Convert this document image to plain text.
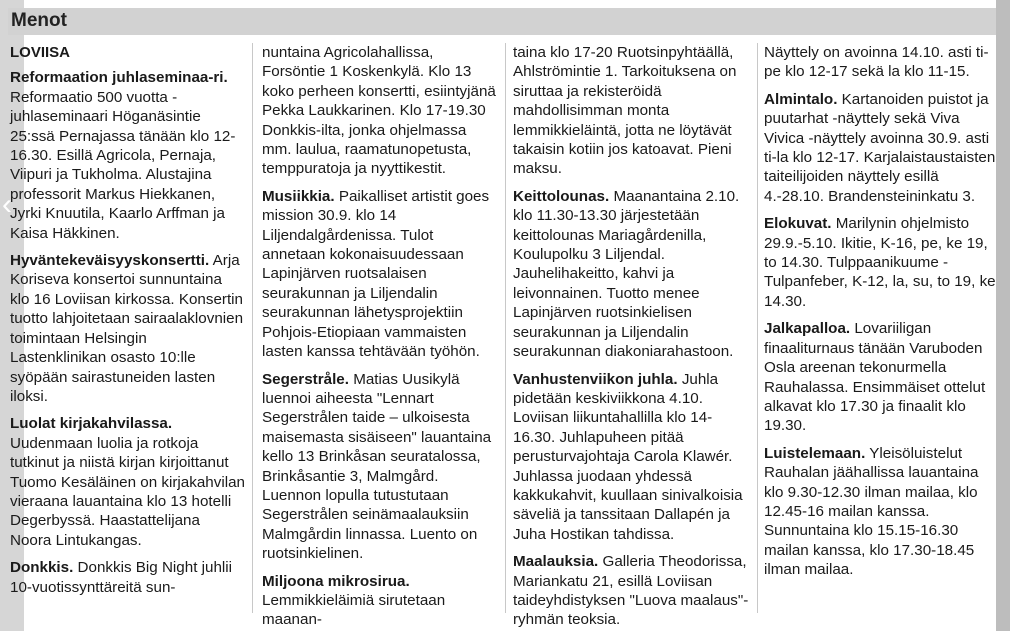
‹
Menot

LOVIISA

Reformaation juhlaseminaa-ri. Reformaatio 500 vuotta -juhlaseminaari Höganäsintie 25:ssä Pernajassa tänään klo 12-16.30. Esillä Agricola, Pernaja, Viipuri ja Tukholma. Alustajina professorit Markus Hiekkanen, Jyrki Knuutila, Kaarlo Arffman ja Kaisa Häkkinen.

Hyväntekeväisyyskonsertti. Arja Koriseva konsertoi sunnuntaina klo 16 Loviisan kirkossa. Konsertin tuotto lahjoitetaan sairaalaklovnien toimintaan Helsingin Lastenklinikan osasto 10:lle syöpään sairastuneiden lasten iloksi.

Luolat kirjakahvilassa. Uudenmaan luolia ja rotkoja tutkinut ja niistä kirjan kirjoittanut Tuomo Kesäläinen on kirjakahvilan vieraana lauantaina klo 13 hotelli Degerbyssä. Haastattelijana Noora Lintukangas.

Donkkis. Donkkis Big Night juhlii 10-vuotissynttäreitä sun-

nuntaina Agricolahallissa, Forsöntie 1 Koskenkylä. Klo 13 koko perheen konsertti, esiintyjänä Pekka Laukkarinen. Klo 17-19.30 Donkkis-ilta, jonka ohjelmassa mm. laulua, raamatunopetusta, temppuratoja ja nyyttikestit.

Musiikkia. Paikalliset artistit goes mission 30.9. klo 14 Liljendalgårdenissa. Tulot annetaan kokonaisuudessaan Lapinjärven ruotsalaisen seurakunnan ja Liljendalin seurakunnan lähetysprojektiin Pohjois-Etiopiaan vammaisten lasten kanssa tehtävään työhön.

Segerstråle. Matias Uusikylä luennoi aiheesta "Lennart Segerstrålen taide – ulkoisesta maisemasta sisäiseen" lauantaina kello 13 Brinkåsan seuratalossa, Brinkåsantie 3, Malmgård. Luennon lopulla tutustutaan Segerstrålen seinämaalauksiin Malmgårdin linnassa. Luento on ruotsinkielinen.

Miljoona mikrosirua. Lemmikkieläimiä sirutetaan maanan-

taina klo 17-20 Ruotsinpyhtäällä, Ahlströmintie 1. Tarkoituksena on siruttaa ja rekisteröidä mahdollisimman monta lemmikkieläintä, jotta ne löytävät takaisin kotiin jos katoavat. Pieni maksu.

Keittolounas. Maanantaina 2.10. klo 11.30-13.30 järjestetään keittolounas Mariagårdenilla, Koulupolku 3 Liljendal. Jauhelihakeitto, kahvi ja leivonnainen. Tuotto menee Lapinjärven ruotsinkielisen seurakunnan ja Liljendalin seurakunnan diakoniarahastoon.

Vanhustenviikon juhla. Juhla pidetään keskiviikkona 4.10. Loviisan liikuntahallilla klo 14-16.30. Juhlapuheen pitää perusturvajohtaja Carola Klawér. Juhlassa juodaan yhdessä kakkukahvit, kuullaan sinivalkoisia säveliä ja tanssitaan Dallapén ja Juha Hostikan tahdissa.

Maalauksia. Galleria Theodorissa, Mariankatu 21, esillä Loviisan taideyhdistyksen "Luova maalaus"-ryhmän teoksia.

Näyttely on avoinna 14.10. asti ti-pe klo 12-17 sekä la klo 11-15.

Almintalo. Kartanoiden puistot ja puutarhat -näyttely sekä Viva Vivica -näyttely avoinna 30.9. asti ti-la klo 12-17. Karjalaistaustaisten taiteilijoiden näyttely esillä 4.-28.10. Brandensteininkatu 3.

Elokuvat. Marilynin ohjelmisto 29.9.-5.10. Ikitie, K-16, pe, ke 19, to 14.30. Tulppaanikuume - Tulpanfeber, K-12, la, su, to 19, ke 14.30.

Jalkapalloa. Lovariiligan finaaliturnaus tänään Varuboden Osla areenan tekonurmella Rauhalassa. Ensimmäiset ottelut alkavat klo 17.30 ja finaalit klo 19.30.

Luistelemaan. Yleisöluistelut Rauhalan jäähallissa lauantaina klo 9.30-12.30 ilman mailaa, klo 12.45-16 mailan kanssa. Sunnuntaina klo 15.15-16.30 mailan kanssa, klo 17.30-18.45 ilman mailaa.
